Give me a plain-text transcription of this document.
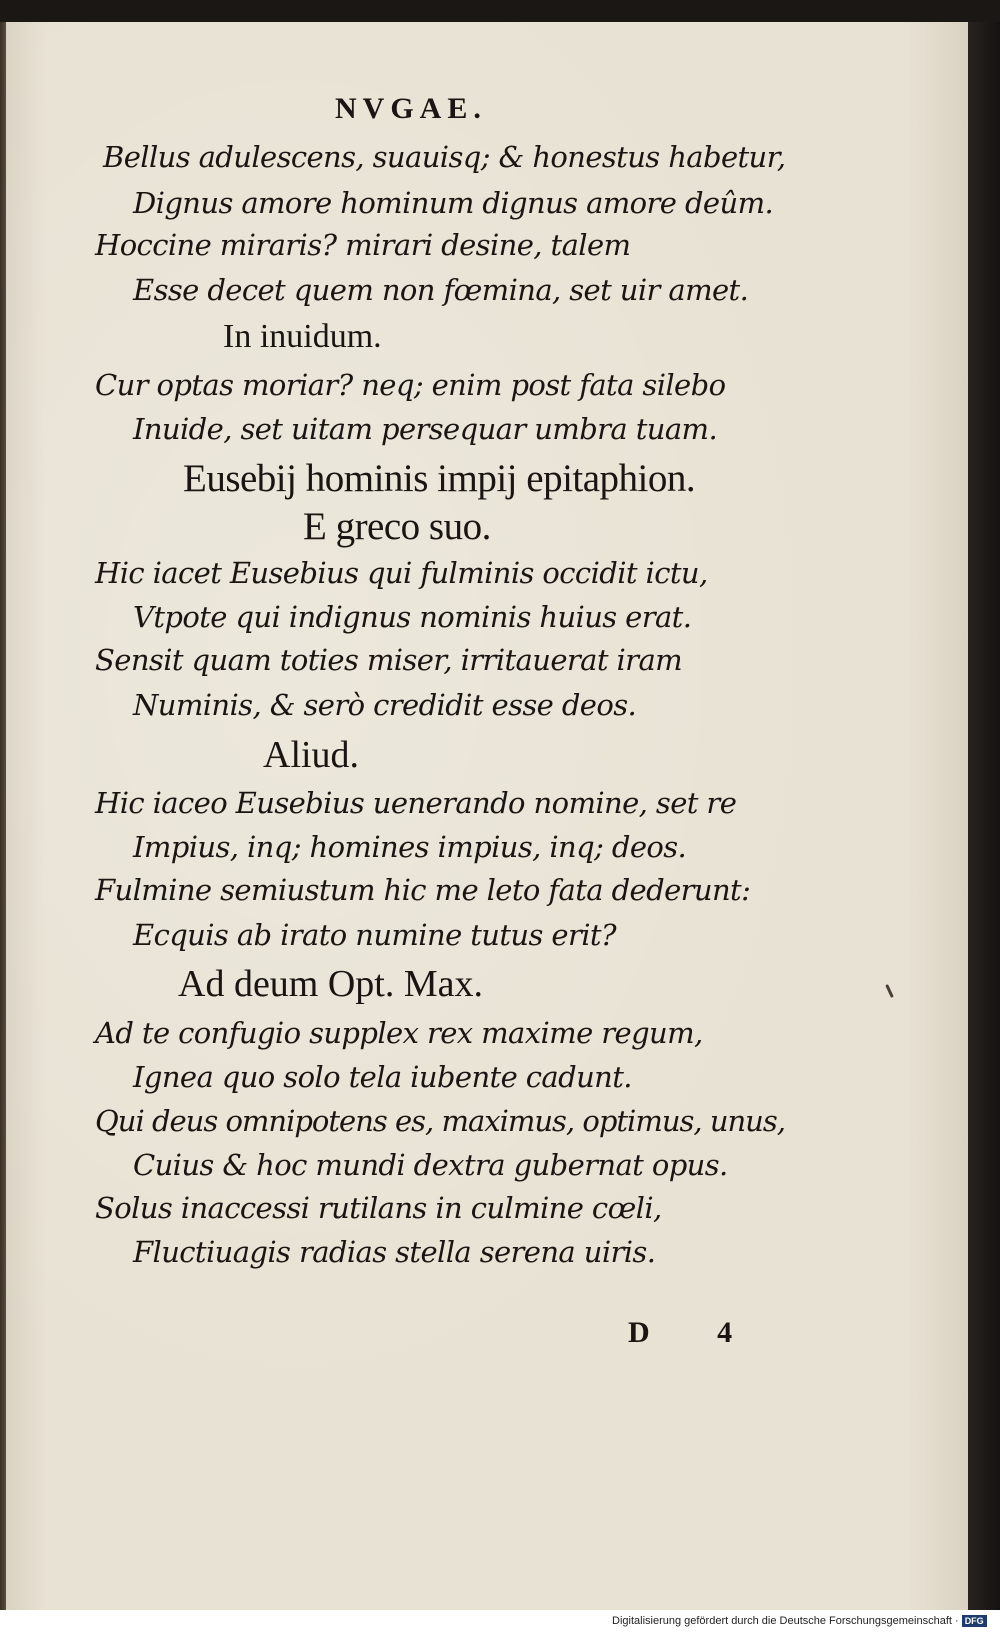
NVGAE.
Bellus adulescens, suauisq; & honestus habetur,
Dignus amore hominum dignus amore deûm.
Hoccine miraris? mirari desine, talem
Esse decet quem non fœmina, set uir amet.
In inuidum.
Cur optas moriar? neq; enim post fata silebo
Inuide, set uitam persequar umbra tuam.
Eusebij hominis impij epitaphion.
E greco suo.
Hic iacet Eusebius qui fulminis occidit ictu,
Vtpote qui indignus nominis huius erat.
Sensit quam toties miser, irritauerat iram
Numinis, & serò credidit esse deos.
Aliud.
Hic iaceo Eusebius uenerando nomine, set re
Impius, inq; homines impius, inq; deos.
Fulmine semiustum hic me leto fata dederunt:
Ecquis ab irato numine tutus erit?
Ad deum Opt. Max.
Ad te confugio supplex rex maxime regum,
Ignea quo solo tela iubente cadunt.
Qui deus omnipotens es, maximus, optimus, unus,
Cuius & hoc mundi dextra gubernat opus.
Solus inaccessi rutilans in culmine cœli,
Fluctiuagis radias stella serena uiris.
D 4
Digitalisierung gefördert durch die Deutsche Forschungsgemeinschaft · DFG
